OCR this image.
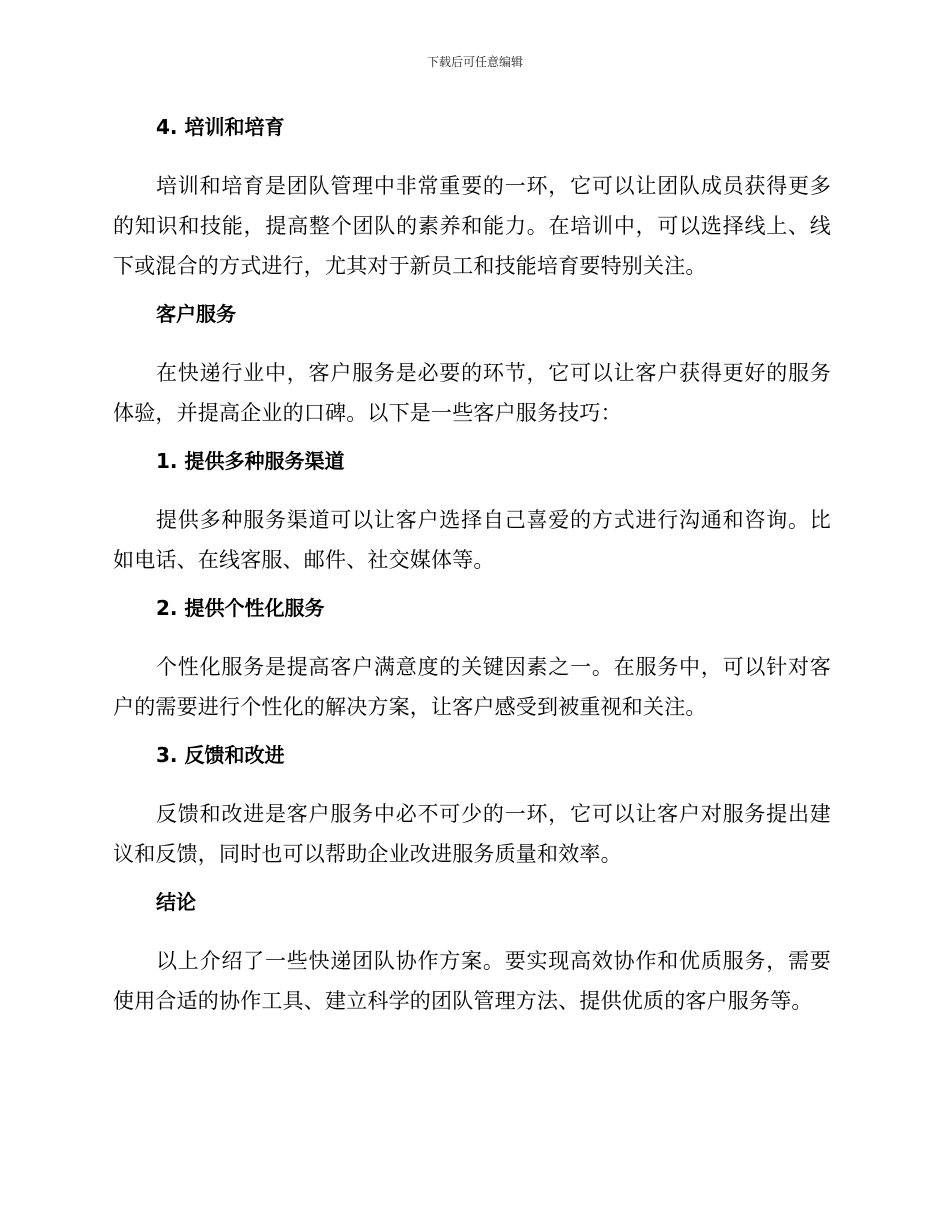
下载后可任意编辑
4. 培训和培育

培训和培育是团队管理中非常重要的一环，它可以让团队成员获得更多的知识和技能，提高整个团队的素养和能力。在培训中，可以选择线上、线下或混合的方式进行，尤其对于新员工和技能培育要特别关注。

客户服务

在快递行业中，客户服务是必要的环节，它可以让客户获得更好的服务体验，并提高企业的口碑。以下是一些客户服务技巧：

1. 提供多种服务渠道

提供多种服务渠道可以让客户选择自己喜爱的方式进行沟通和咨询。比如电话、在线客服、邮件、社交媒体等。

2. 提供个性化服务

个性化服务是提高客户满意度的关键因素之一。在服务中，可以针对客户的需要进行个性化的解决方案，让客户感受到被重视和关注。

3. 反馈和改进

反馈和改进是客户服务中必不可少的一环，它可以让客户对服务提出建议和反馈，同时也可以帮助企业改进服务质量和效率。

结论

以上介绍了一些快递团队协作方案。要实现高效协作和优质服务，需要使用合适的协作工具、建立科学的团队管理方法、提供优质的客户服务等。
